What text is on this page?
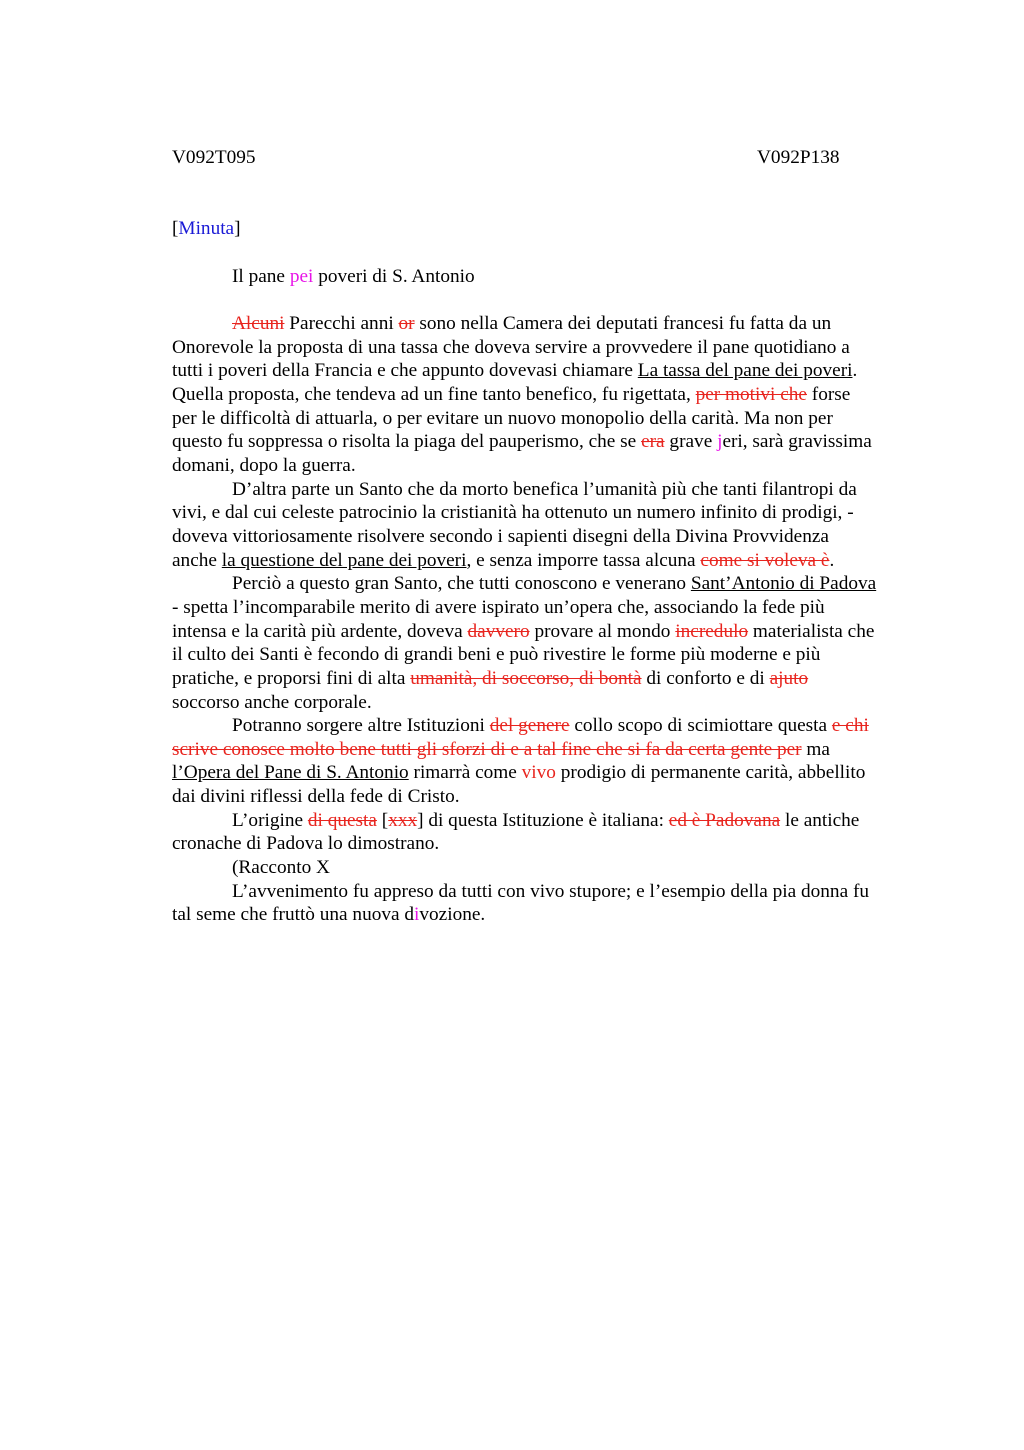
V092T095	V092P138
[Minuta]
Il pane pei poveri di S. Antonio
Alcuni Parecchi anni or sono nella Camera dei deputati francesi fu fatta da un
Onorevole la proposta di una tassa che doveva servire a provvedere il pane quotidiano a
tutti i poveri della Francia e che appunto dovevasi chiamare La tassa del pane dei poveri.
Quella proposta, che tendeva ad un fine tanto benefico, fu rigettata, per motivi che forse
per le difficoltà di attuarla, o per evitare un nuovo monopolio della carità. Ma non per
questo fu soppressa o risolta la piaga del pauperismo, che se era grave jeri, sarà gravissima
domani, dopo la guerra.
D’altra parte un Santo che da morto benefica l’umanità più che tanti filantropi da
vivi, e dal cui celeste patrocinio la cristianità ha ottenuto un numero infinito di prodigi, -
doveva vittoriosamente risolvere secondo i sapienti disegni della Divina Provvidenza
anche la questione del pane dei poveri, e senza imporre tassa alcuna come si voleva è.
Perciò a questo gran Santo, che tutti conoscono e venerano Sant’Antonio di Padova
- spetta l’incomparabile merito di avere ispirato un’opera che, associando la fede più
intensa e la carità più ardente, doveva davvero provare al mondo incredulo materialista che
il culto dei Santi è fecondo di grandi beni e può rivestire le forme più moderne e più
pratiche, e proporsi fini di alta umanità, di soccorso, di bontà di conforto e di ajuto
soccorso anche corporale.
Potranno sorgere altre Istituzioni del genere collo scopo di scimiottare questa e chi
scrive conosce molto bene tutti gli sforzi di e a tal fine che si fa da certa gente per ma
l’Opera del Pane di S. Antonio rimarrà come vivo prodigio di permanente carità, abbellito
dai divini riflessi della fede di Cristo.
L’origine di questa [xxx] di questa Istituzione è italiana: ed è Padovana le antiche
cronache di Padova lo dimostrano.
(Racconto X
L’avvenimento fu appreso da tutti con vivo stupore; e l’esempio della pia donna fu
tal seme che fruttò una nuova divozione.
